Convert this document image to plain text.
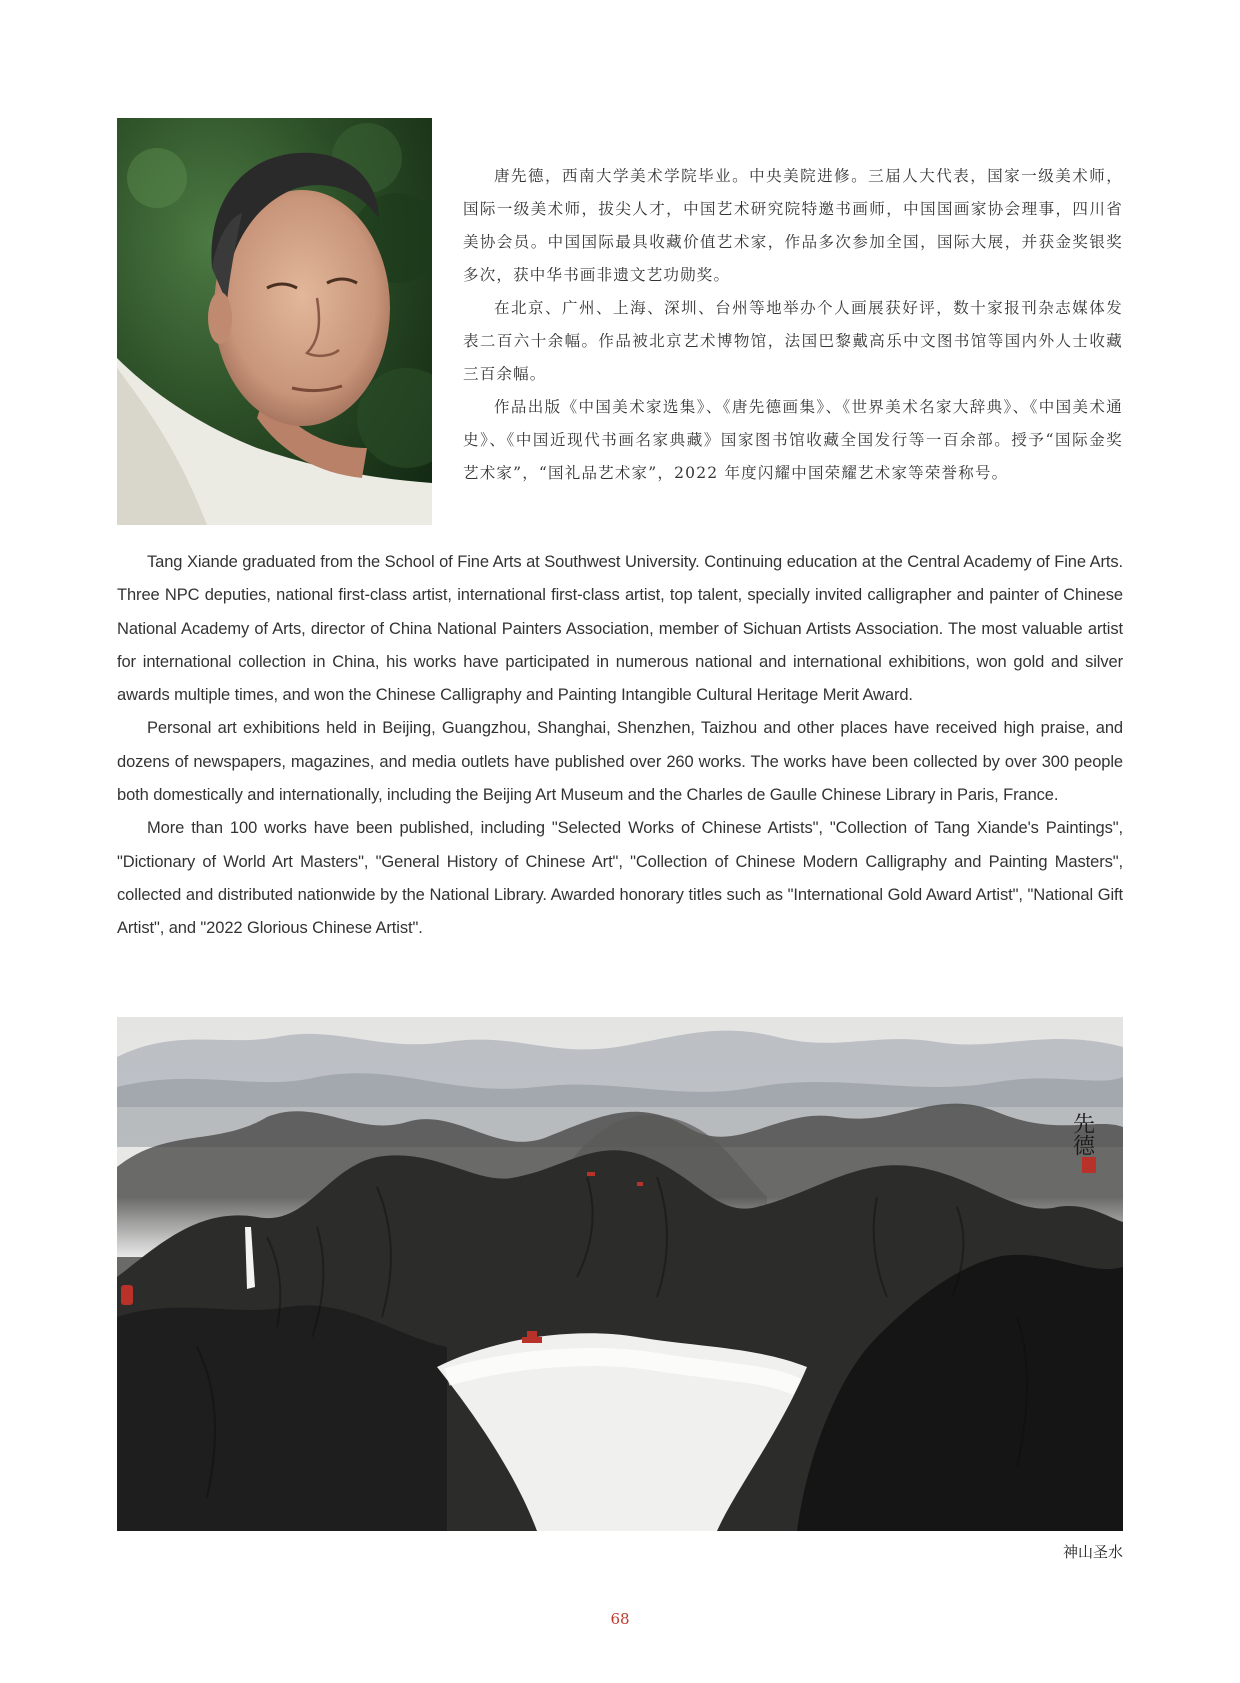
唐先德，西南大学美术学院毕业。中央美院进修。三届人大代表，国家一级美术师，国际一级美术师，拔尖人才，中国艺术研究院特邀书画师，中国国画家协会理事，四川省美协会员。中国国际最具收藏价值艺术家，作品多次参加全国，国际大展，并获金奖银奖多次，获中华书画非遗文艺功勋奖。

在北京、广州、上海、深圳、台州等地举办个人画展获好评，数十家报刊杂志媒体发表二百六十余幅。作品被北京艺术博物馆，法国巴黎戴高乐中文图书馆等国内外人士收藏三百余幅。

作品出版《中国美术家选集》、《唐先德画集》、《世界美术名家大辞典》、《中国美术通史》、《中国近现代书画名家典藏》国家图书馆收藏全国发行等一百余部。授予“国际金奖艺术家”，“国礼品艺术家”，2022 年度闪耀中国荣耀艺术家等荣誉称号。

Tang Xiande graduated from the School of Fine Arts at Southwest University. Continuing education at the Central Academy of Fine Arts. Three NPC deputies, national first-class artist, international first-class artist, top talent, specially invited calligrapher and painter of Chinese National Academy of Arts, director of China National Painters Association, member of Sichuan Artists Association. The most valuable artist for international collection in China, his works have participated in numerous national and international exhibitions, won gold and silver awards multiple times, and won the Chinese Calligraphy and Painting Intangible Cultural Heritage Merit Award.

Personal art exhibitions held in Beijing, Guangzhou, Shanghai, Shenzhen, Taizhou and other places have received high praise, and dozens of newspapers, magazines, and media outlets have published over 260 works. The works have been collected by over 300 people both domestically and internationally, including the Beijing Art Museum and the Charles de Gaulle Chinese Library in Paris, France.

More than 100 works have been published, including "Selected Works of Chinese Artists", "Collection of Tang Xiande's Paintings", "Dictionary of World Art Masters", "General History of Chinese Art", "Collection of Chinese Modern Calligraphy and Painting Masters", collected and distributed nationwide by the National Library. Awarded honorary titles such as "International Gold Award Artist", "National Gift Artist", and "2022 Glorious Chinese Artist".

先德
神山圣水
68
